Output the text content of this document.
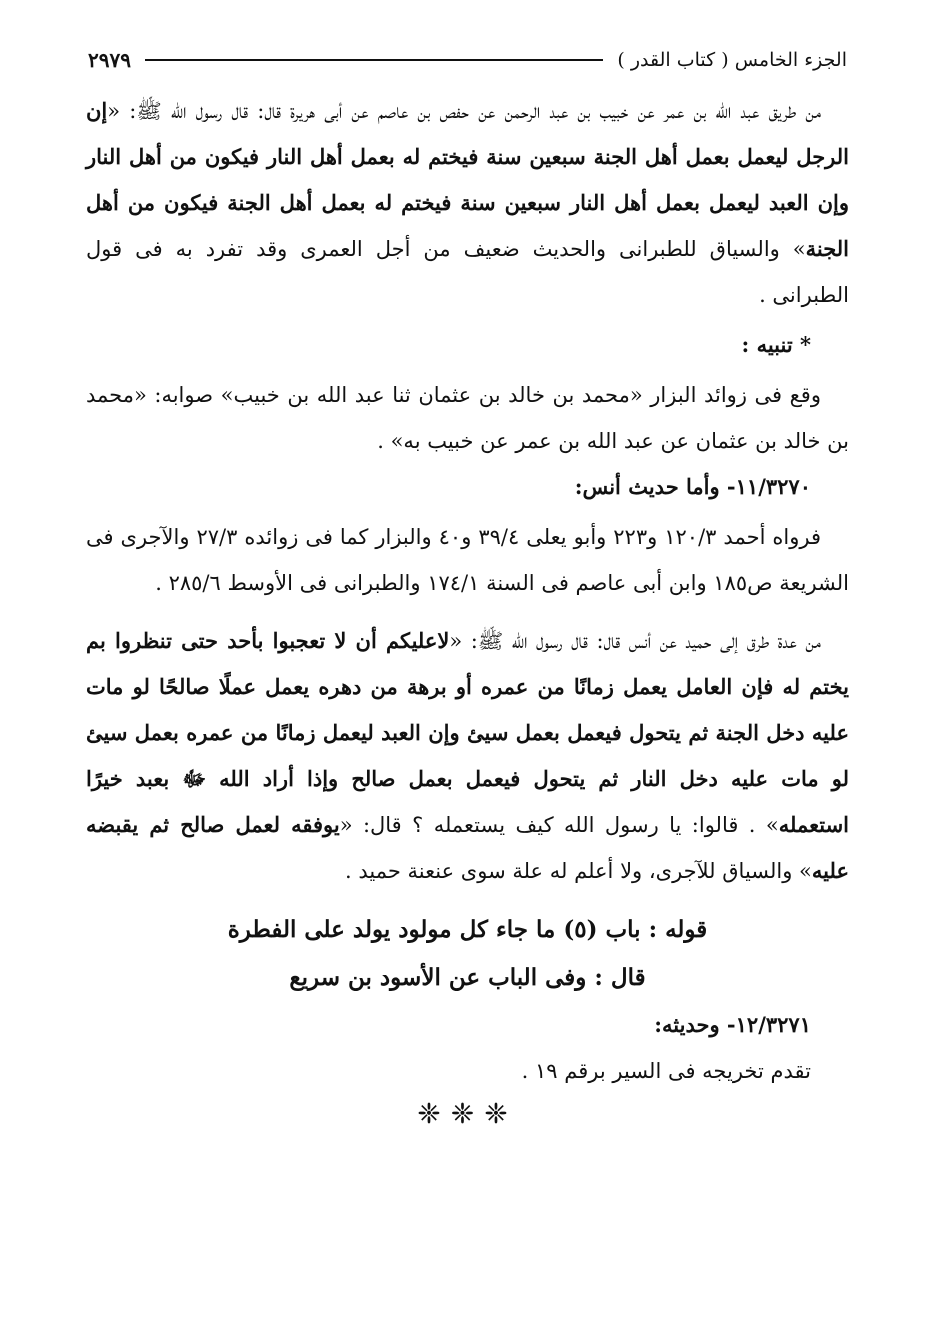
الجزء الخامس ( كتاب القدر )
٢٩٧٩

من طريق عبد الله بن عمر عن خبيب بن عبد الرحمن عن حفص بن عاصم عن أبى هريرة قال: قال رسول الله ﷺ: «إن الرجل ليعمل بعمل أهل الجنة سبعين سنة فيختم له بعمل أهل النار فيكون من أهل النار وإن العبد ليعمل بعمل أهل النار سبعين سنة فيختم له بعمل أهل الجنة فيكون من أهل الجنة» والسياق للطبرانى والحديث ضعيف من أجل العمرى وقد تفرد به فى قول الطبرانى .

* تنبيه :

وقع فى زوائد البزار «محمد بن خالد بن عثمان ثنا عبد الله بن خبيب» صوابه: «محمد بن خالد بن عثمان عن عبد الله بن عمر عن خبيب به» .

١١/٣٢٧٠- وأما حديث أنس:

فرواه أحمد ١٢٠/٣ و٢٢٣ وأبو يعلى ٣٩/٤ و٤٠ والبزار كما فى زوائده ٢٧/٣ والآجرى فى الشريعة ص١٨٥ وابن أبى عاصم فى السنة ١٧٤/١ والطبرانى فى الأوسط ٢٨٥/٦ .

من عدة طرق إلى حميد عن أنس قال: قال رسول الله ﷺ: «لاعليكم أن لا تعجبوا بأحد حتى تنظروا بم يختم له فإن العامل يعمل زمانًا من عمره أو برهة من دهره يعمل عملًا صالحًا لو مات عليه دخل الجنة ثم يتحول فيعمل بعمل سيئ وإن العبد ليعمل زمانًا من عمره بعمل سيئ لو مات عليه دخل النار ثم يتحول فيعمل بعمل صالح وإذا أراد الله ﷻ بعبد خيرًا استعمله» . قالوا: يا رسول الله كيف يستعمله ؟ قال: «يوفقه لعمل صالح ثم يقبضه عليه» والسياق للآجرى، ولا أعلم له علة سوى عنعنة حميد .

قوله : باب (٥) ما جاء كل مولود يولد على الفطرة

قال : وفى الباب عن الأسود بن سريع

١٢/٣٢٧١- وحديثه:

تقدم تخريجه فى السير برقم ١٩ .

❈❈❈
